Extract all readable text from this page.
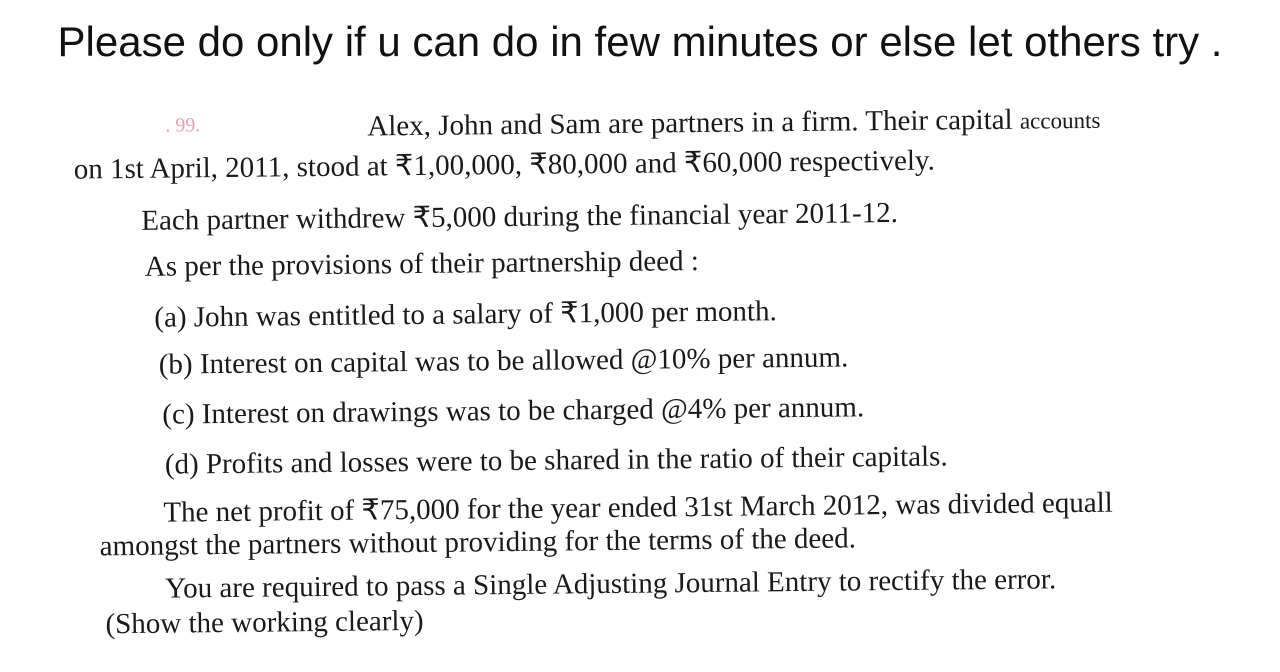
Please do only if u can do in few minutes or else let others try .
. 99.	Alex, John and Sam are partners in a firm. Their capital accounts
on 1st April, 2011, stood at ₹1,00,000, ₹80,000 and ₹60,000 respectively.
Each partner withdrew ₹5,000 during the financial year 2011-12.
As per the provisions of their partnership deed :
(a) John was entitled to a salary of ₹1,000 per month.
(b) Interest on capital was to be allowed @10% per annum.
(c) Interest on drawings was to be charged @4% per annum.
(d) Profits and losses were to be shared in the ratio of their capitals.
The net profit of ₹75,000 for the year ended 31st March 2012, was divided equall
amongst the partners without providing for the terms of the deed.
You are required to pass a Single Adjusting Journal Entry to rectify the error.
(Show the working clearly)
